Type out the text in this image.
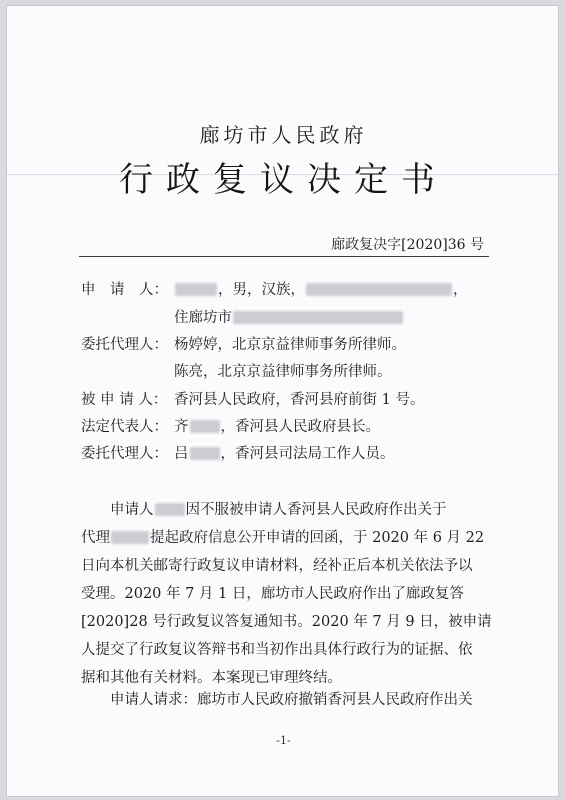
廊坊市人民政府
行政复议决定书
廊政复决字[2020]36 号
申　请　人：	，男，汉族，	，
住廊坊市
委托代理人： 杨婷婷，北京京益律师事务所律师。
陈亮，北京京益律师事务所律师。
被 申 请 人： 香河县人民政府，香河县府前街 1 号。
法定代表人： 齐 ，香河县人民政府县长。
委托代理人： 吕 ，香河县司法局工作人员。
　　申请人 因不服被申请人香河县人民政府作出关于
代理	提起政府信息公开申请的回函，于 2020 年 6 月 22
日向本机关邮寄行政复议申请材料，经补正后本机关依法予以
受理。2020 年 7 月 1 日，廊坊市人民政府作出了廊政复答
[2020]28 号行政复议答复通知书。2020 年 7 月 9 日，被申请
人提交了行政复议答辩书和当初作出具体行政行为的证据、依
据和其他有关材料。本案现已审理终结。
　　申请人请求：廊坊市人民政府撤销香河县人民政府作出关
-1-
